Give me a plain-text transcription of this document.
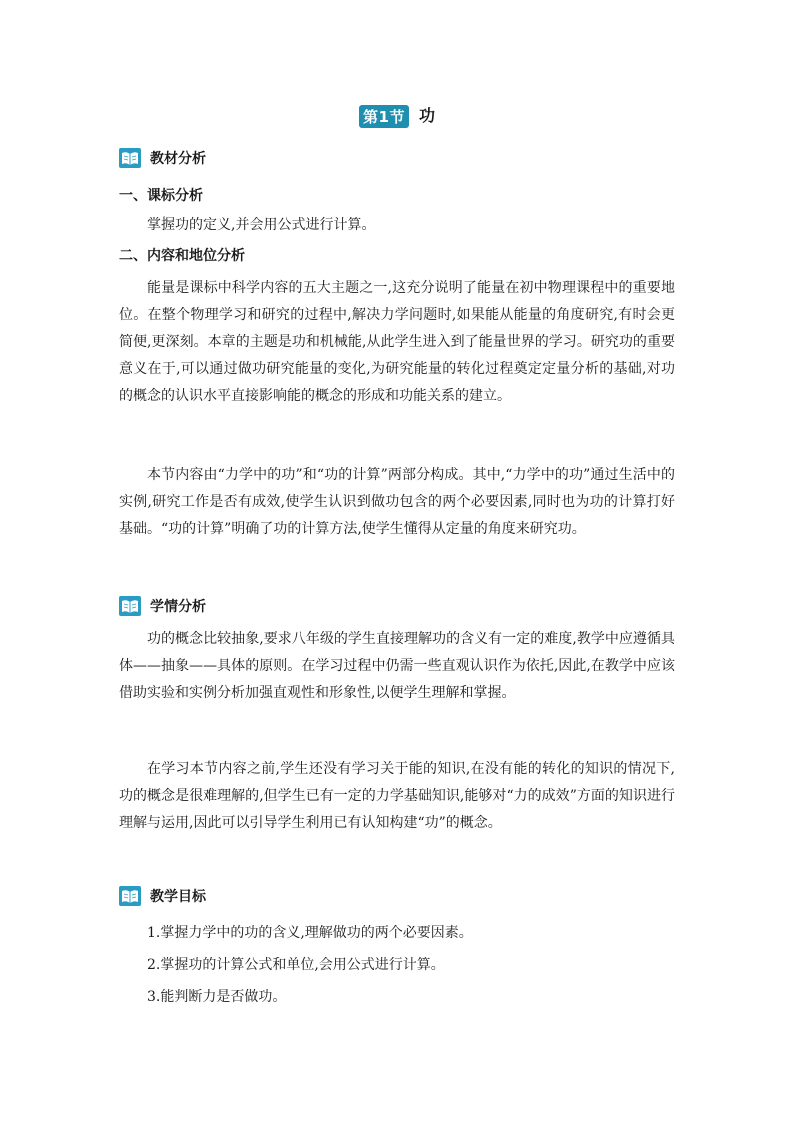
第1节 功
教材分析
一、课标分析

掌握功的定义,并会用公式进行计算。

二、内容和地位分析

能量是课标中科学内容的五大主题之一,这充分说明了能量在初中物理课程中的重要地位。在整个物理学习和研究的过程中,解决力学问题时,如果能从能量的角度研究,有时会更简便,更深刻。本章的主题是功和机械能,从此学生进入到了能量世界的学习。研究功的重要意义在于,可以通过做功研究能量的变化,为研究能量的转化过程奠定定量分析的基础,对功的概念的认识水平直接影响能的概念的形成和功能关系的建立。

本节内容由“力学中的功”和“功的计算”两部分构成。其中,“力学中的功”通过生活中的实例,研究工作是否有成效,使学生认识到做功包含的两个必要因素,同时也为功的计算打好基础。“功的计算”明确了功的计算方法,使学生懂得从定量的角度来研究功。

学情分析

功的概念比较抽象,要求八年级的学生直接理解功的含义有一定的难度,教学中应遵循具体——抽象——具体的原则。在学习过程中仍需一些直观认识作为依托,因此,在教学中应该借助实验和实例分析加强直观性和形象性,以便学生理解和掌握。

在学习本节内容之前,学生还没有学习关于能的知识,在没有能的转化的知识的情况下,功的概念是很难理解的,但学生已有一定的力学基础知识,能够对“力的成效”方面的知识进行理解与运用,因此可以引导学生利用已有认知构建“功”的概念。

教学目标

1.掌握力学中的功的含义,理解做功的两个必要因素。

2.掌握功的计算公式和单位,会用公式进行计算。

3.能判断力是否做功。
